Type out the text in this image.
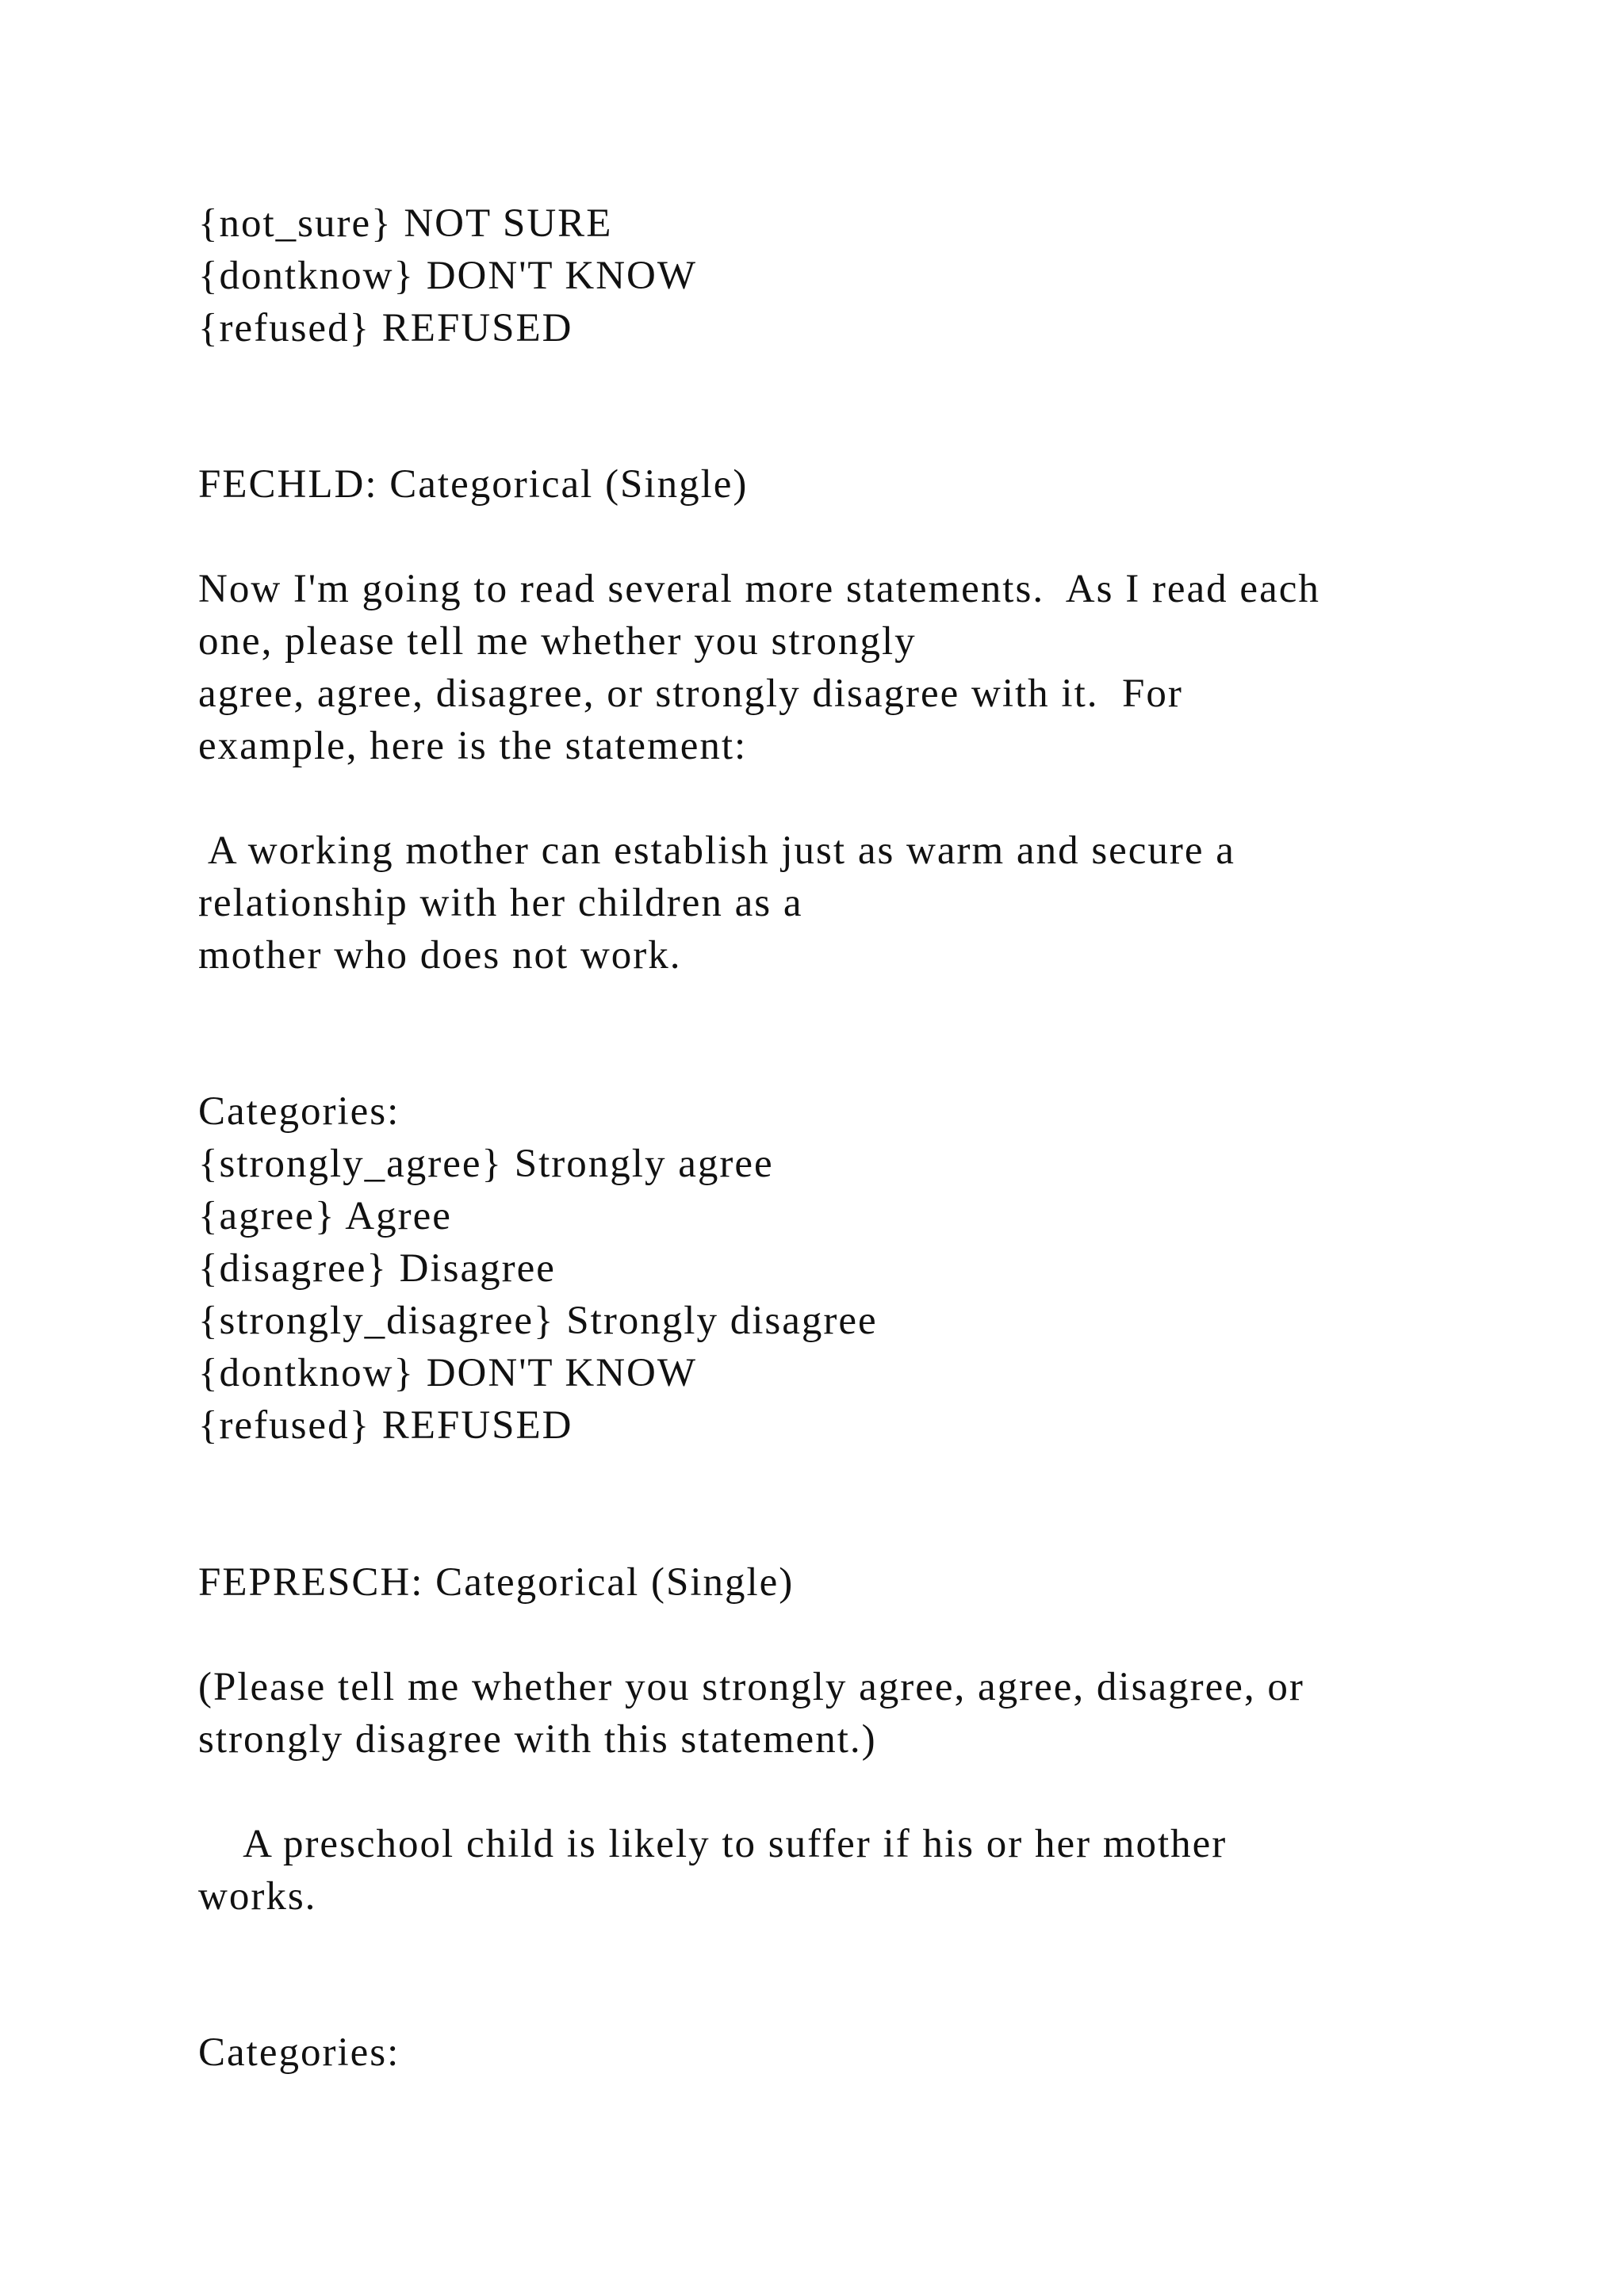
{not_sure} NOT SURE

{dontknow} DON'T KNOW

{refused} REFUSED

FECHLD: Categorical (Single)

Now I'm going to read several more statements.  As I read each

one, please tell me whether you strongly

agree, agree, disagree, or strongly disagree with it.  For

example, here is the statement:

A working mother can establish just as warm and secure a

relationship with her children as a

mother who does not work.

Categories:

{strongly_agree} Strongly agree

{agree} Agree

{disagree} Disagree

{strongly_disagree} Strongly disagree

{dontknow} DON'T KNOW

{refused} REFUSED

FEPRESCH: Categorical (Single)

(Please tell me whether you strongly agree, agree, disagree, or

strongly disagree with this statement.)

A preschool child is likely to suffer if his or her mother

works.

Categories:
